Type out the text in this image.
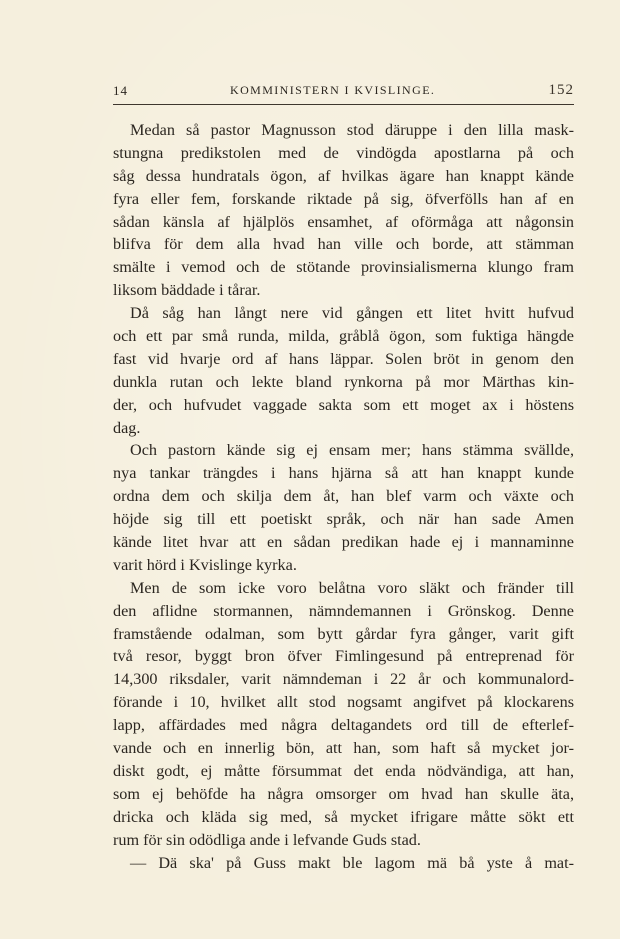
14	KOMMINISTERN I KVISLINGE.	152
Medan så pastor Magnusson stod däruppe i den lilla mask-
stungna predikstolen med de vindögda apostlarna på och
såg dessa hundratals ögon, af hvilkas ägare han knappt kände
fyra eller fem, forskande riktade på sig, öfverfölls han af en
sådan känsla af hjälplös ensamhet, af oförmåga att någonsin
blifva för dem alla hvad han ville och borde, att stämman
smälte i vemod och de stötande provinsialismerna klungo fram
liksom bäddade i tårar.
Då såg han långt nere vid gången ett litet hvitt hufvud
och ett par små runda, milda, gråblå ögon, som fuktiga hängde
fast vid hvarje ord af hans läppar. Solen bröt in genom den
dunkla rutan och lekte bland rynkorna på mor Märthas kin-
der, och hufvudet vaggade sakta som ett moget ax i höstens
dag.
Och pastorn kände sig ej ensam mer; hans stämma svällde,
nya tankar trängdes i hans hjärna så att han knappt kunde
ordna dem och skilja dem åt, han blef varm och växte och
höjde sig till ett poetiskt språk, och när han sade Amen
kände litet hvar att en sådan predikan hade ej i mannaminne
varit hörd i Kvislinge kyrka.
Men de som icke voro belåtna voro släkt och fränder till
den aflidne stormannen, nämndemannen i Grönskog. Denne
framstående odalman, som bytt gårdar fyra gånger, varit gift
två resor, byggt bron öfver Fimlingesund på entreprenad för
14,300 riksdaler, varit nämndeman i 22 år och kommunalord-
förande i 10, hvilket allt stod nogsamt angifvet på klockarens
lapp, affärdades med några deltagandets ord till de efterlef-
vande och en innerlig bön, att han, som haft så mycket jor-
diskt godt, ej måtte försummat det enda nödvändiga, att han,
som ej behöfde ha några omsorger om hvad han skulle äta,
dricka och kläda sig med, så mycket ifrigare måtte sökt ett
rum för sin odödliga ande i lefvande Guds stad.
— Dä ska' på Guss makt ble lagom mä bå yste å mat-
